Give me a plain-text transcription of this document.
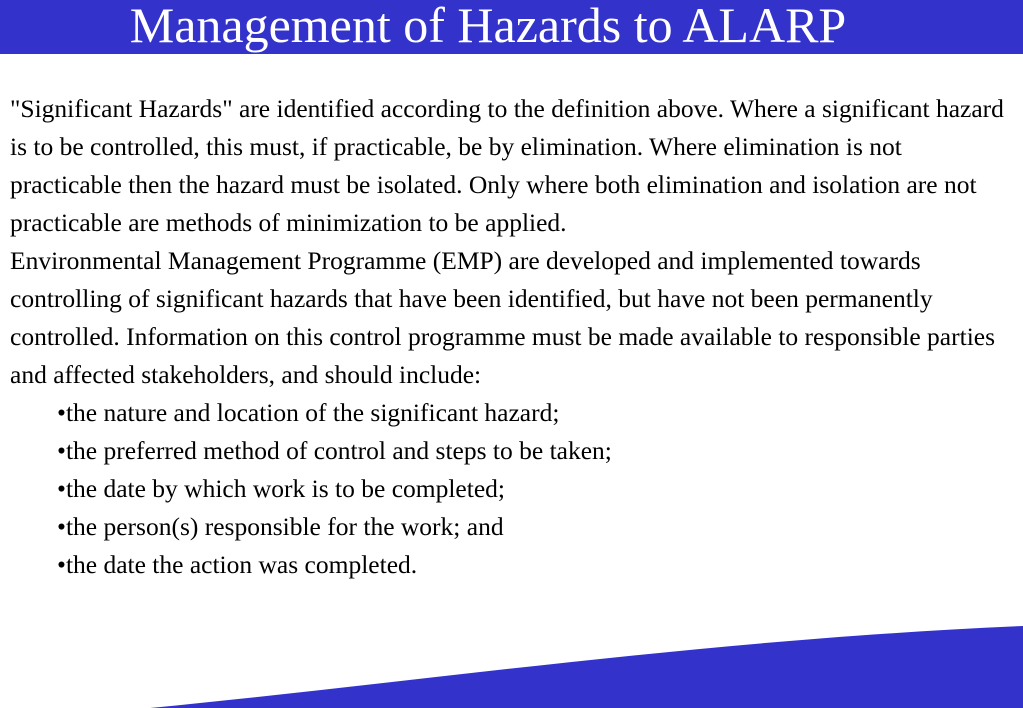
Management of Hazards to ALARP

"Significant Hazards" are identified according to the definition above. Where a significant hazard is to be controlled, this must, if practicable, be by elimination. Where elimination is not practicable then the hazard must be isolated. Only where both elimination and isolation are not practicable are methods of minimization to be applied.

Environmental Management Programme (EMP) are developed and implemented towards controlling of significant hazards that have been identified, but have not been permanently controlled. Information on this control programme must be made available to responsible parties and affected stakeholders, and should include:

•the nature and location of the significant hazard;
•the preferred method of control and steps to be taken;
•the date by which work is to be completed;
•the person(s) responsible for the work; and
•the date the action was completed.
